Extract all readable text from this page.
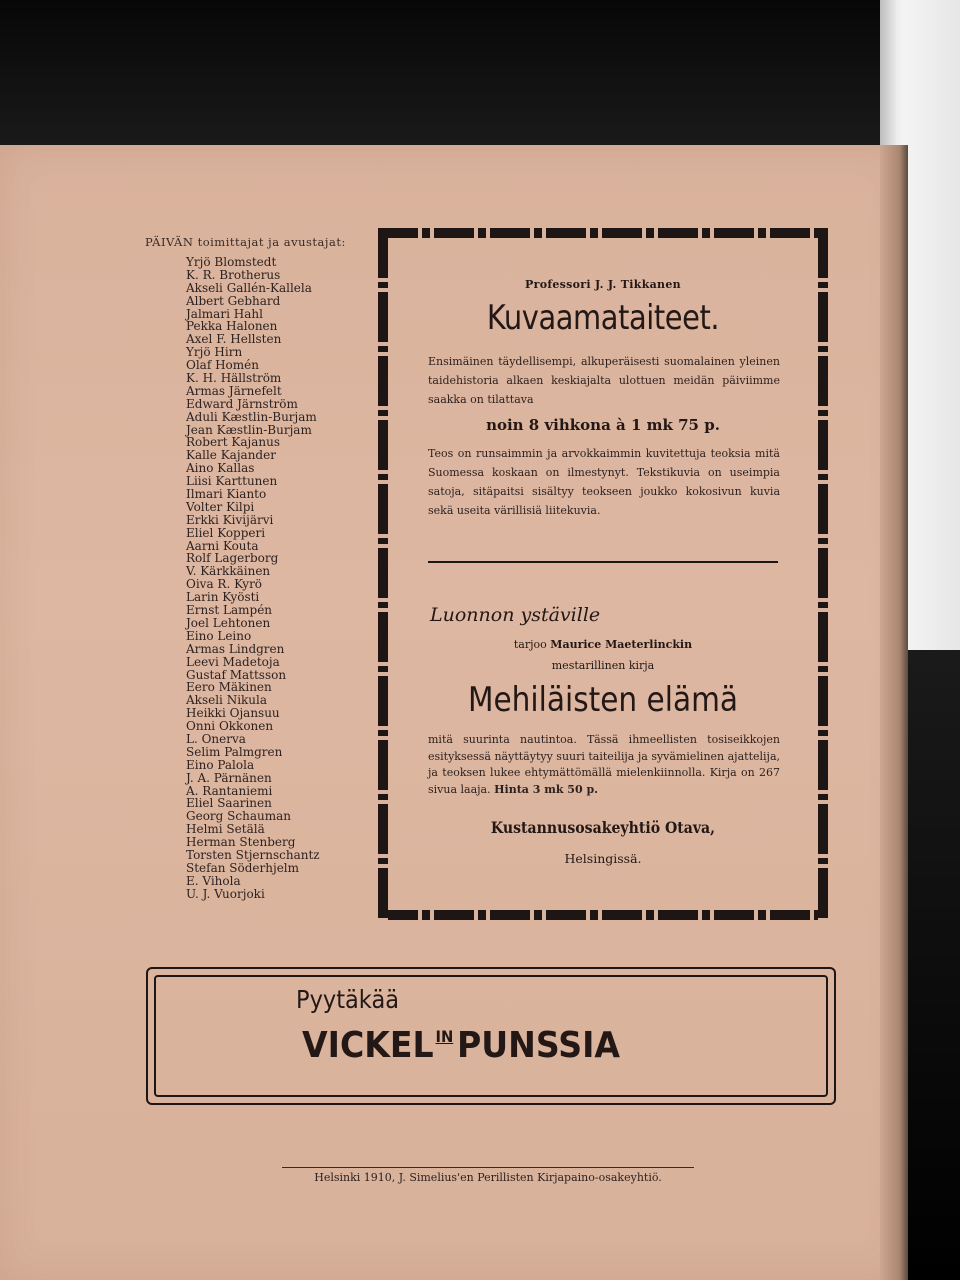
PÄIVÄN toimittajat ja avustajat:
Yrjö Blomstedt
K. R. Brotherus
Akseli Gallén-Kallela
Albert Gebhard
Jalmari Hahl
Pekka Halonen
Axel F. Hellsten
Yrjö Hirn
Olaf Homén
K. H. Hällström
Armas Järnefelt
Edward Järnström
Aduli Kæstlin-Burjam
Jean Kæstlin-Burjam
Robert Kajanus
Kalle Kajander
Aino Kallas
Liisi Karttunen
Ilmari Kianto
Volter Kilpi
Erkki Kivijärvi
Eliel Kopperi
Aarni Kouta
Rolf Lagerborg
V. Kärkkäinen
Oiva R. Kyrö
Larin Kyösti
Ernst Lampén
Joel Lehtonen
Eino Leino
Armas Lindgren
Leevi Madetoja
Gustaf Mattsson
Eero Mäkinen
Akseli Nikula
Heikki Ojansuu
Onni Okkonen
L. Onerva
Selim Palmgren
Eino Palola
J. A. Pärnänen
A. Rantaniemi
Eliel Saarinen
Georg Schauman
Helmi Setälä
Herman Stenberg
Torsten Stjernschantz
Stefan Söderhjelm
E. Vihola
U. J. Vuorjoki
Professori J. J. Tikkanen
Kuvaamataiteet.
Ensimäinen täydellisempi, alkuperäisesti suomalainen yleinen taidehistoria alkaen keskiajalta ulottuen meidän päiviimme saakka on tilattava
noin 8 vihkona à 1 mk 75 p.
Teos on runsaimmin ja arvokkaimmin kuvitettuja teoksia mitä Suomessa koskaan on ilmestynyt. Tekstikuvia on useimpia satoja, sitäpaitsi sisältyy teokseen joukko kokosivun kuvia sekä useita värillisiä liitekuvia.
Luonnon ystäville
tarjoo Maurice Maeterlinckin
mestarillinen kirja
Mehiläisten elämä
mitä suurinta nautintoa. Tässä ihmeellisten tosiseikkojen esityksessä näyttäytyy suuri taiteilija ja syvämielinen ajattelija, ja teoksen lukee ehtymättömällä mielenkiinnolla. Kirja on 267 sivua laaja. Hinta 3 mk 50 p.
Kustannusosakeyhtiö Otava,
Helsingissä.
Pyytäkää
VICKEL $^{IN}$ PUNSSIA
Helsinki 1910, J. Simelius'en Perillisten Kirjapaino-osakeyhtiö.
